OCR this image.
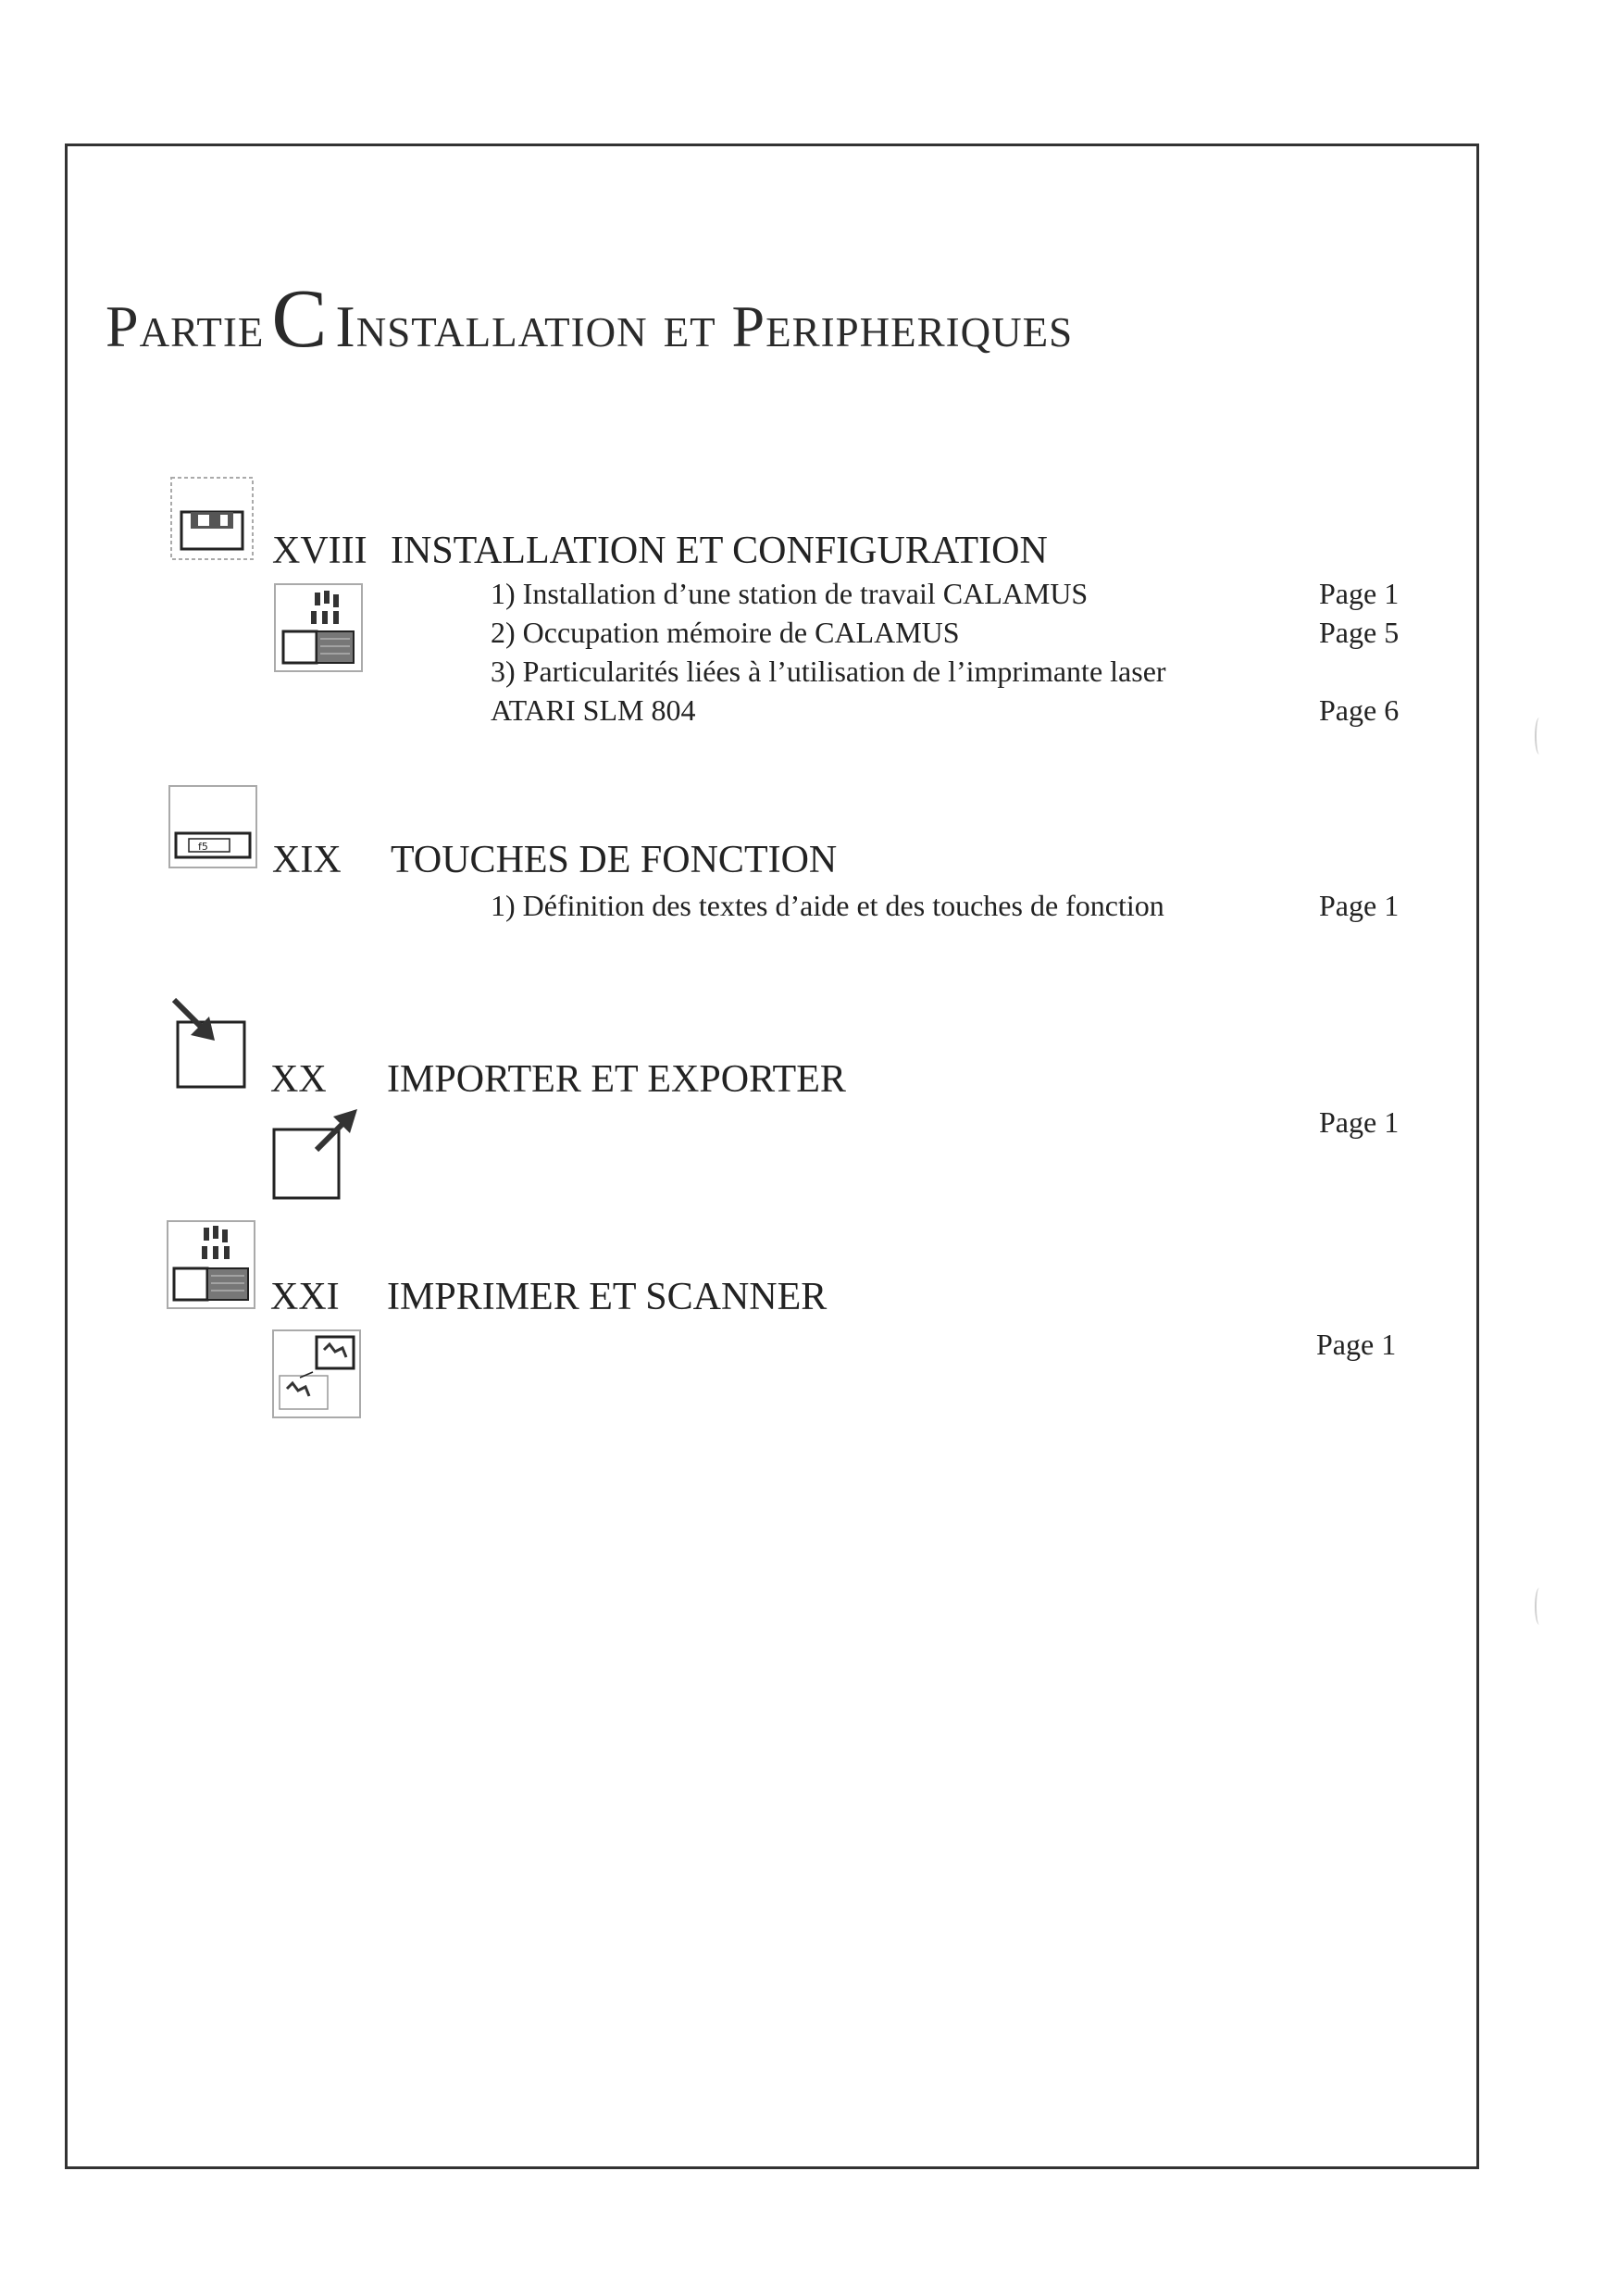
PartieC Installation et Peripheriques
XVIII INSTALLATION ET CONFIGURATION
1) Installation d’une station de travail CALAMUS	Page 1
2) Occupation mémoire de CALAMUS	Page 5
3) Particularités liées à l’utilisation de l’imprimante laser
ATARI SLM 804	Page 6
f5 XIX TOUCHES DE FONCTION
1) Définition des textes d’aide et des touches de fonction	Page 1
XX IMPORTER ET EXPORTER
Page 1
XXI IMPRIMER ET SCANNER
Page 1
